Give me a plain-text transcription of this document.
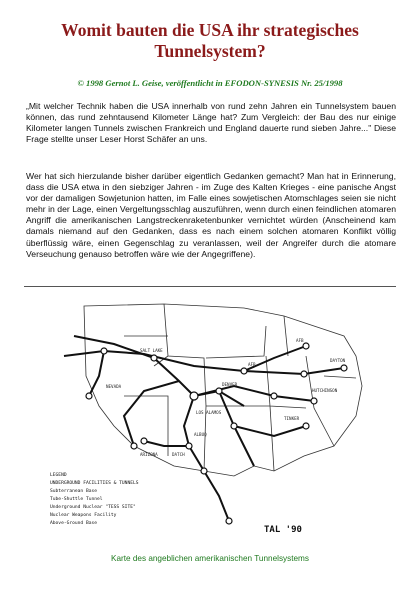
Womit bauten die USA ihr strategisches Tunnelsystem?
© 1998 Gernot L. Geise, veröffentlicht in EFODON-SYNESIS Nr. 25/1998
„Mit welcher Technik haben die USA innerhalb von rund zehn Jahren ein Tunnelsystem bauen können, das rund zehntausend Kilometer Länge hat? Zum Vergleich: der Bau des nur einige Kilometer langen Tunnels zwischen Frankreich und England dauerte rund sieben Jahre..." Diese Frage stellte unser Leser Horst Schäfer an uns.
Wer hat sich hierzulande bisher darüber eigentlich Gedanken gemacht? Man hat in Erinnerung, dass die USA etwa in den siebziger Jahren - im Zuge des Kalten Krieges - eine panische Angst vor der damaligen Sowjetunion hatten, im Falle eines sowjetischen Atomschlages seien sie nicht mehr in der Lage, einen Vergeltungsschlag auszuführen, wenn durch einen feindlichen atomaren Angriff die amerikanischen Langstreckenraketenbunker vernichtet würden (Anscheinend kam damals niemand auf den Gedanken, dass es nach einem solchen atomaren Konflikt völlig überflüssig wäre, einen Gegenschlag zu veranlassen, weil der Angreifer durch die atomare Verseuchung genauso betroffen wäre wie der Angegriffene).
SALT LAKE
DENVER
LOS ALAMOS
DATCH
ALBUQ
NEVADA
ARIZONA
AFB
HUTCHINSON
DAYTON
TINKER
AFB
LEGEND
UNDERGROUND FACILITIES & TUNNELS
Subterranean Base
Tube-Shuttle Tunnel
Underground Nuclear "TESS SITE"
Nuclear Weapons Facility
Above-Ground Base
TAL '90
Karte des angeblichen amerikanischen Tunnelsystems
